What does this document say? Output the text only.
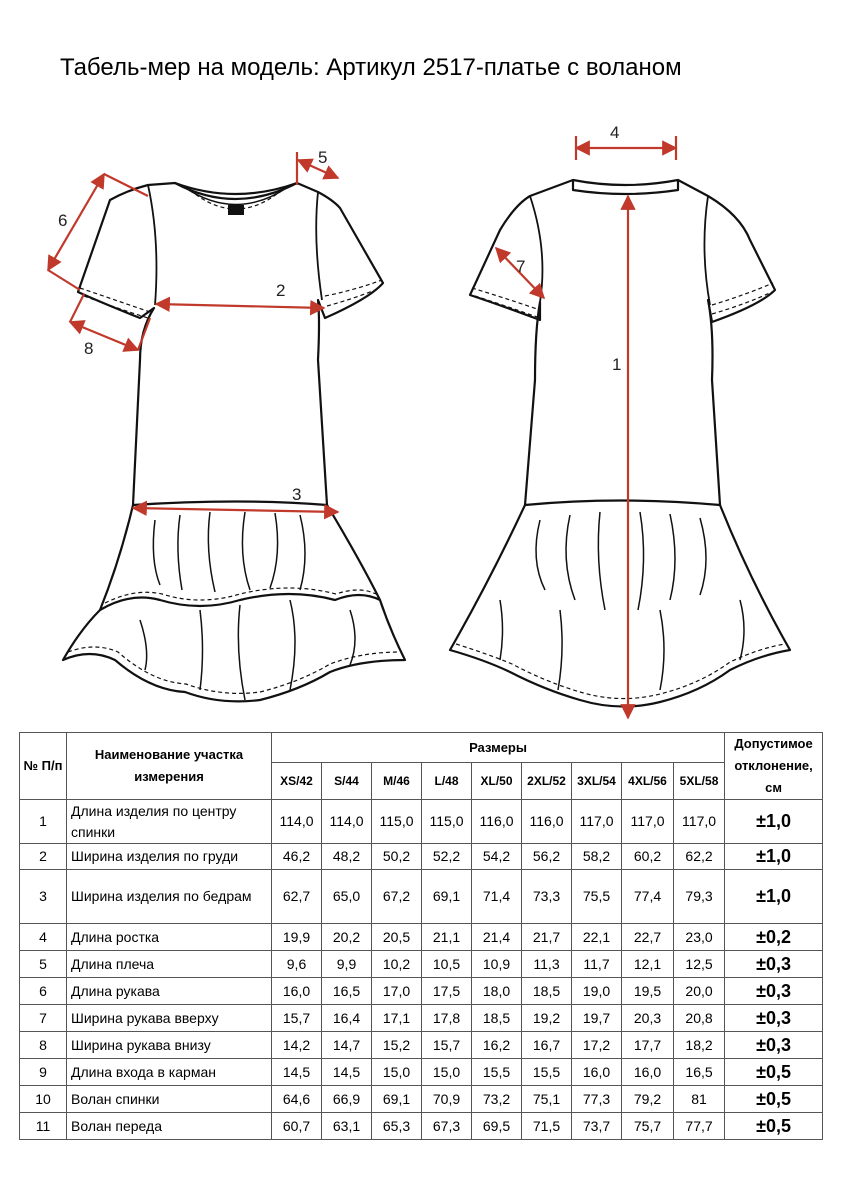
Табель-мер на модель: Артикул 2517-платье с воланом
1
2
3
4
5
6
7
8
№ П/п	Наименование участка измерения	Размеры									Допустимое отклонение, см
		XS/42	S/44	M/46	L/48	XL/50	2XL/52	3XL/54	4XL/56	5XL/58	
1	Длина изделия по центру спинки	114,0	114,0	115,0	115,0	116,0	116,0	117,0	117,0	117,0	±1,0
2	Ширина изделия по груди	46,2	48,2	50,2	52,2	54,2	56,2	58,2	60,2	62,2	±1,0
3	Ширина изделия по бедрам	62,7	65,0	67,2	69,1	71,4	73,3	75,5	77,4	79,3	±1,0
4	Длина ростка	19,9	20,2	20,5	21,1	21,4	21,7	22,1	22,7	23,0	±0,2
5	Длина плеча	9,6	9,9	10,2	10,5	10,9	11,3	11,7	12,1	12,5	±0,3
6	Длина рукава	16,0	16,5	17,0	17,5	18,0	18,5	19,0	19,5	20,0	±0,3
7	Ширина рукава вверху	15,7	16,4	17,1	17,8	18,5	19,2	19,7	20,3	20,8	±0,3
8	Ширина рукава внизу	14,2	14,7	15,2	15,7	16,2	16,7	17,2	17,7	18,2	±0,3
9	Длина входа в карман	14,5	14,5	15,0	15,0	15,5	15,5	16,0	16,0	16,5	±0,5
10	Волан спинки	64,6	66,9	69,1	70,9	73,2	75,1	77,3	79,2	81	±0,5
11	Волан переда	60,7	63,1	65,3	67,3	69,5	71,5	73,7	75,7	77,7	±0,5
